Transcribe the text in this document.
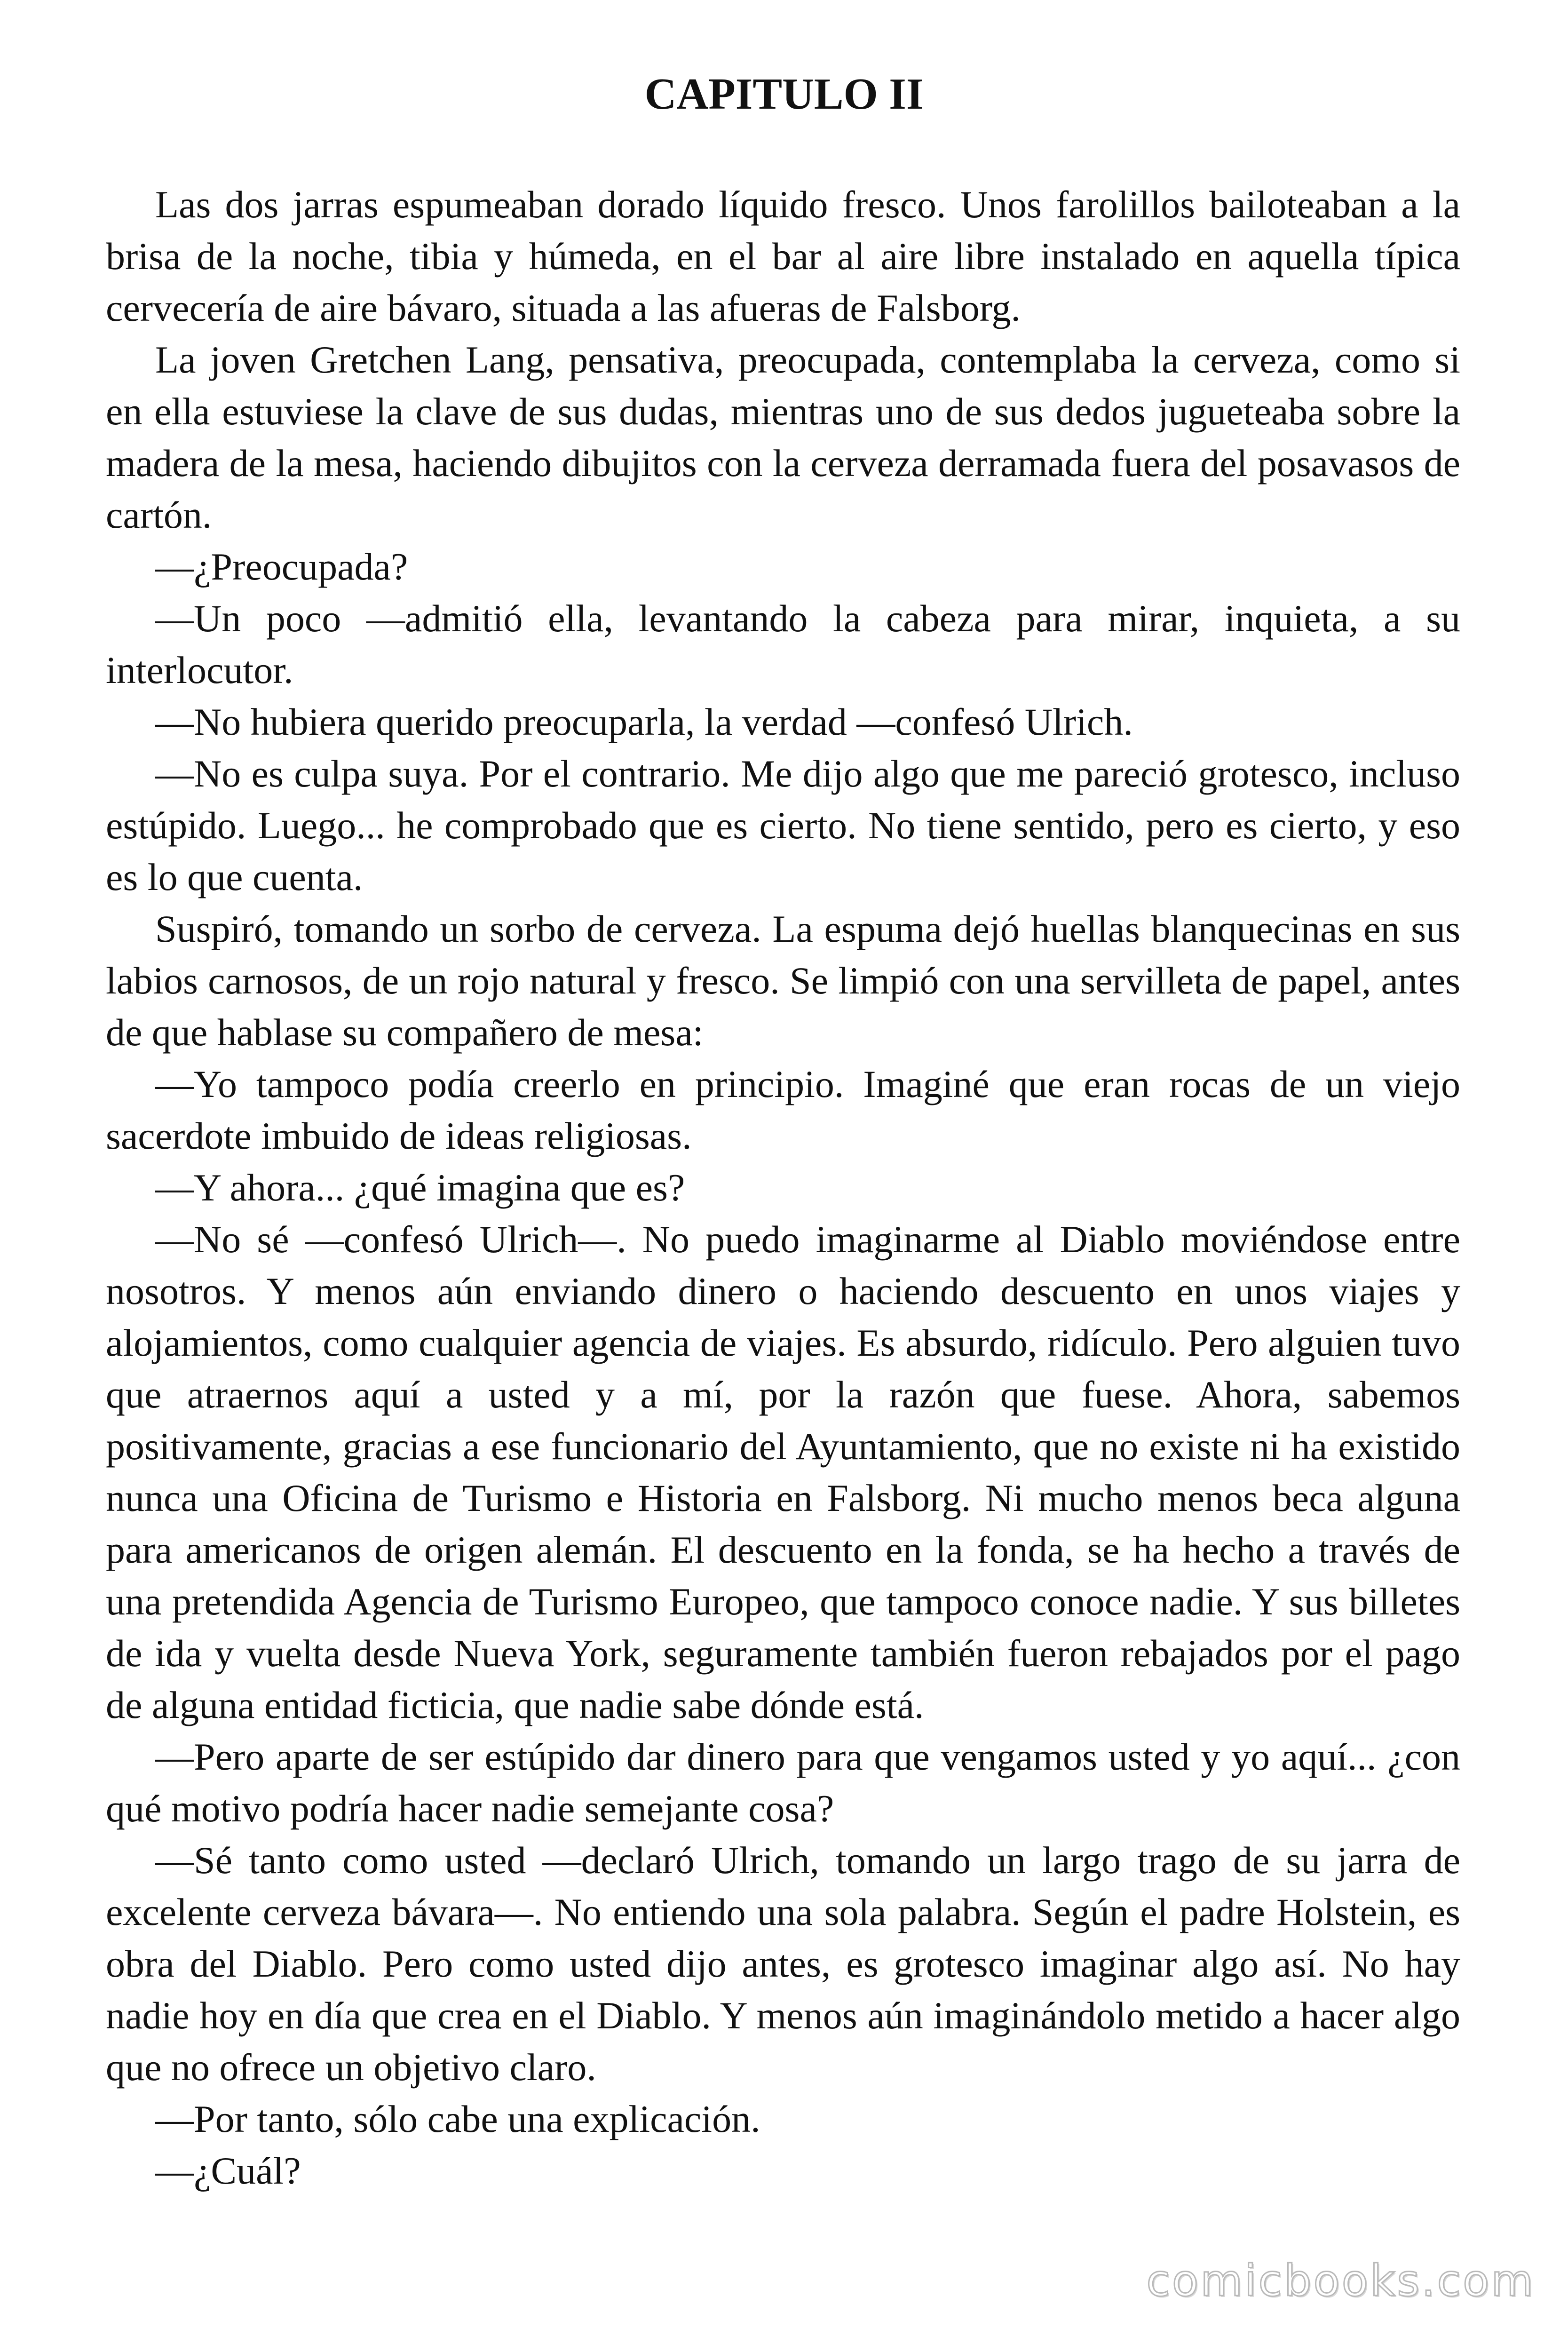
CAPITULO II

Las dos jarras espumeaban dorado líquido fresco. Unos farolillos bailoteaban a la brisa de la noche, tibia y húmeda, en el bar al aire libre instalado en aquella típica cervecería de aire bávaro, situada a las afueras de Falsborg.

La joven Gretchen Lang, pensativa, preocupada, contemplaba la cerveza, como si en ella estuviese la clave de sus dudas, mientras uno de sus dedos jugueteaba sobre la madera de la mesa, haciendo dibujitos con la cerveza derramada fuera del posavasos de cartón.

—¿Preocupada?

—Un poco —admitió ella, levantando la cabeza para mirar, inquieta, a su interlocutor.

—No hubiera querido preocuparla, la verdad —confesó Ulrich.

—No es culpa suya. Por el contrario. Me dijo algo que me pareció grotesco, incluso estúpido. Luego... he comprobado que es cierto. No tiene sentido, pero es cierto, y eso es lo que cuenta.

Suspiró, tomando un sorbo de cerveza. La espuma dejó huellas blanquecinas en sus labios carnosos, de un rojo natural y fresco. Se limpió con una servilleta de papel, antes de que hablase su compañero de mesa:

—Yo tampoco podía creerlo en principio. Imaginé que eran rocas de un viejo sacerdote imbuido de ideas religiosas.

—Y ahora... ¿qué imagina que es?

—No sé —confesó Ulrich—. No puedo imaginarme al Diablo moviéndose entre nosotros. Y menos aún enviando dinero o haciendo descuento en unos viajes y alojamientos, como cualquier agencia de viajes. Es absurdo, ridículo. Pero alguien tuvo que atraernos aquí a usted y a mí, por la razón que fuese. Ahora, sabemos positivamente, gracias a ese funcionario del Ayuntamiento, que no existe ni ha existido nunca una Oficina de Turismo e Historia en Falsborg. Ni mucho menos beca alguna para americanos de origen alemán. El descuento en la fonda, se ha hecho a través de una pretendida Agencia de Turismo Europeo, que tampoco conoce nadie. Y sus billetes de ida y vuelta desde Nueva York, seguramente también fueron rebajados por el pago de alguna entidad ficticia, que nadie sabe dónde está.

—Pero aparte de ser estúpido dar dinero para que vengamos usted y yo aquí... ¿con qué motivo podría hacer nadie semejante cosa?

—Sé tanto como usted —declaró Ulrich, tomando un largo trago de su jarra de excelente cerveza bávara—. No entiendo una sola palabra. Según el padre Holstein, es obra del Diablo. Pero como usted dijo antes, es grotesco imaginar algo así. No hay nadie hoy en día que crea en el Diablo. Y menos aún imaginándolo metido a hacer algo que no ofrece un objetivo claro.

—Por tanto, sólo cabe una explicación.

—¿Cuál?

comicbooks.com
